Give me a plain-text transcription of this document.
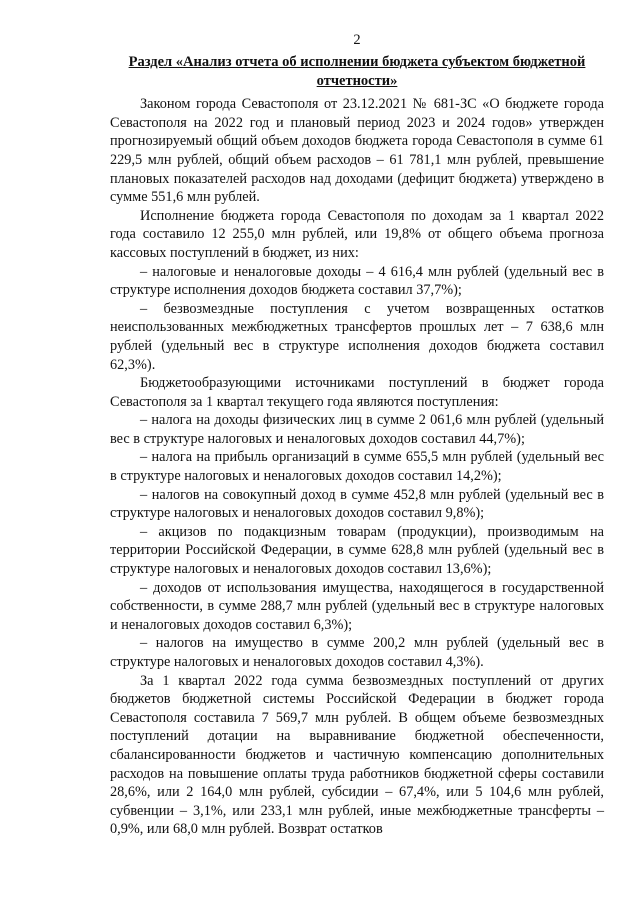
2
Раздел «Анализ отчета об исполнении бюджета субъектом бюджетной отчетности»

Законом города Севастополя от 23.12.2021 № 681-ЗС «О бюджете города Севастополя на 2022 год и плановый период 2023 и 2024 годов» утвержден прогнозируемый общий объем доходов бюджета города Севастополя в сумме 61 229,5 млн рублей, общий объем расходов – 61 781,1 млн рублей, превышение плановых показателей расходов над доходами (дефицит бюджета) утверждено в сумме 551,6 млн рублей.

Исполнение бюджета города Севастополя по доходам за 1 квартал 2022 года составило 12 255,0 млн рублей, или 19,8% от общего объема прогноза кассовых поступлений в бюджет, из них:

– налоговые и неналоговые доходы – 4 616,4 млн рублей (удельный вес в структуре исполнения доходов бюджета составил 37,7%);

– безвозмездные поступления с учетом возвращенных остатков неиспользованных межбюджетных трансфертов прошлых лет – 7 638,6 млн рублей (удельный вес в структуре исполнения доходов бюджета составил 62,3%).

Бюджетообразующими источниками поступлений в бюджет города Севастополя за 1 квартал текущего года являются поступления:

– налога на доходы физических лиц в сумме 2 061,6 млн рублей (удельный вес в структуре налоговых и неналоговых доходов составил 44,7%);

– налога на прибыль организаций в сумме 655,5 млн рублей (удельный вес в структуре налоговых и неналоговых доходов составил 14,2%);

– налогов на совокупный доход в сумме 452,8 млн рублей (удельный вес в структуре налоговых и неналоговых доходов составил 9,8%);

– акцизов по подакцизным товарам (продукции), производимым на территории Российской Федерации, в сумме 628,8 млн рублей (удельный вес в структуре налоговых и неналоговых доходов составил 13,6%);

– доходов от использования имущества, находящегося в государственной собственности, в сумме 288,7 млн рублей (удельный вес в структуре налоговых и неналоговых доходов составил 6,3%);

– налогов на имущество в сумме 200,2 млн рублей (удельный вес в структуре налоговых и неналоговых доходов составил 4,3%).

За 1 квартал 2022 года сумма безвозмездных поступлений от других бюджетов бюджетной системы Российской Федерации в бюджет города Севастополя составила 7 569,7 млн рублей. В общем объеме безвозмездных поступлений дотации на выравнивание бюджетной обеспеченности, сбалансированности бюджетов и частичную компенсацию дополнительных расходов на повышение оплаты труда работников бюджетной сферы составили 28,6%, или 2 164,0 млн рублей, субсидии – 67,4%, или 5 104,6 млн рублей, субвенции – 3,1%, или 233,1 млн рублей, иные межбюджетные трансферты – 0,9%, или 68,0 млн рублей. Возврат остатков
